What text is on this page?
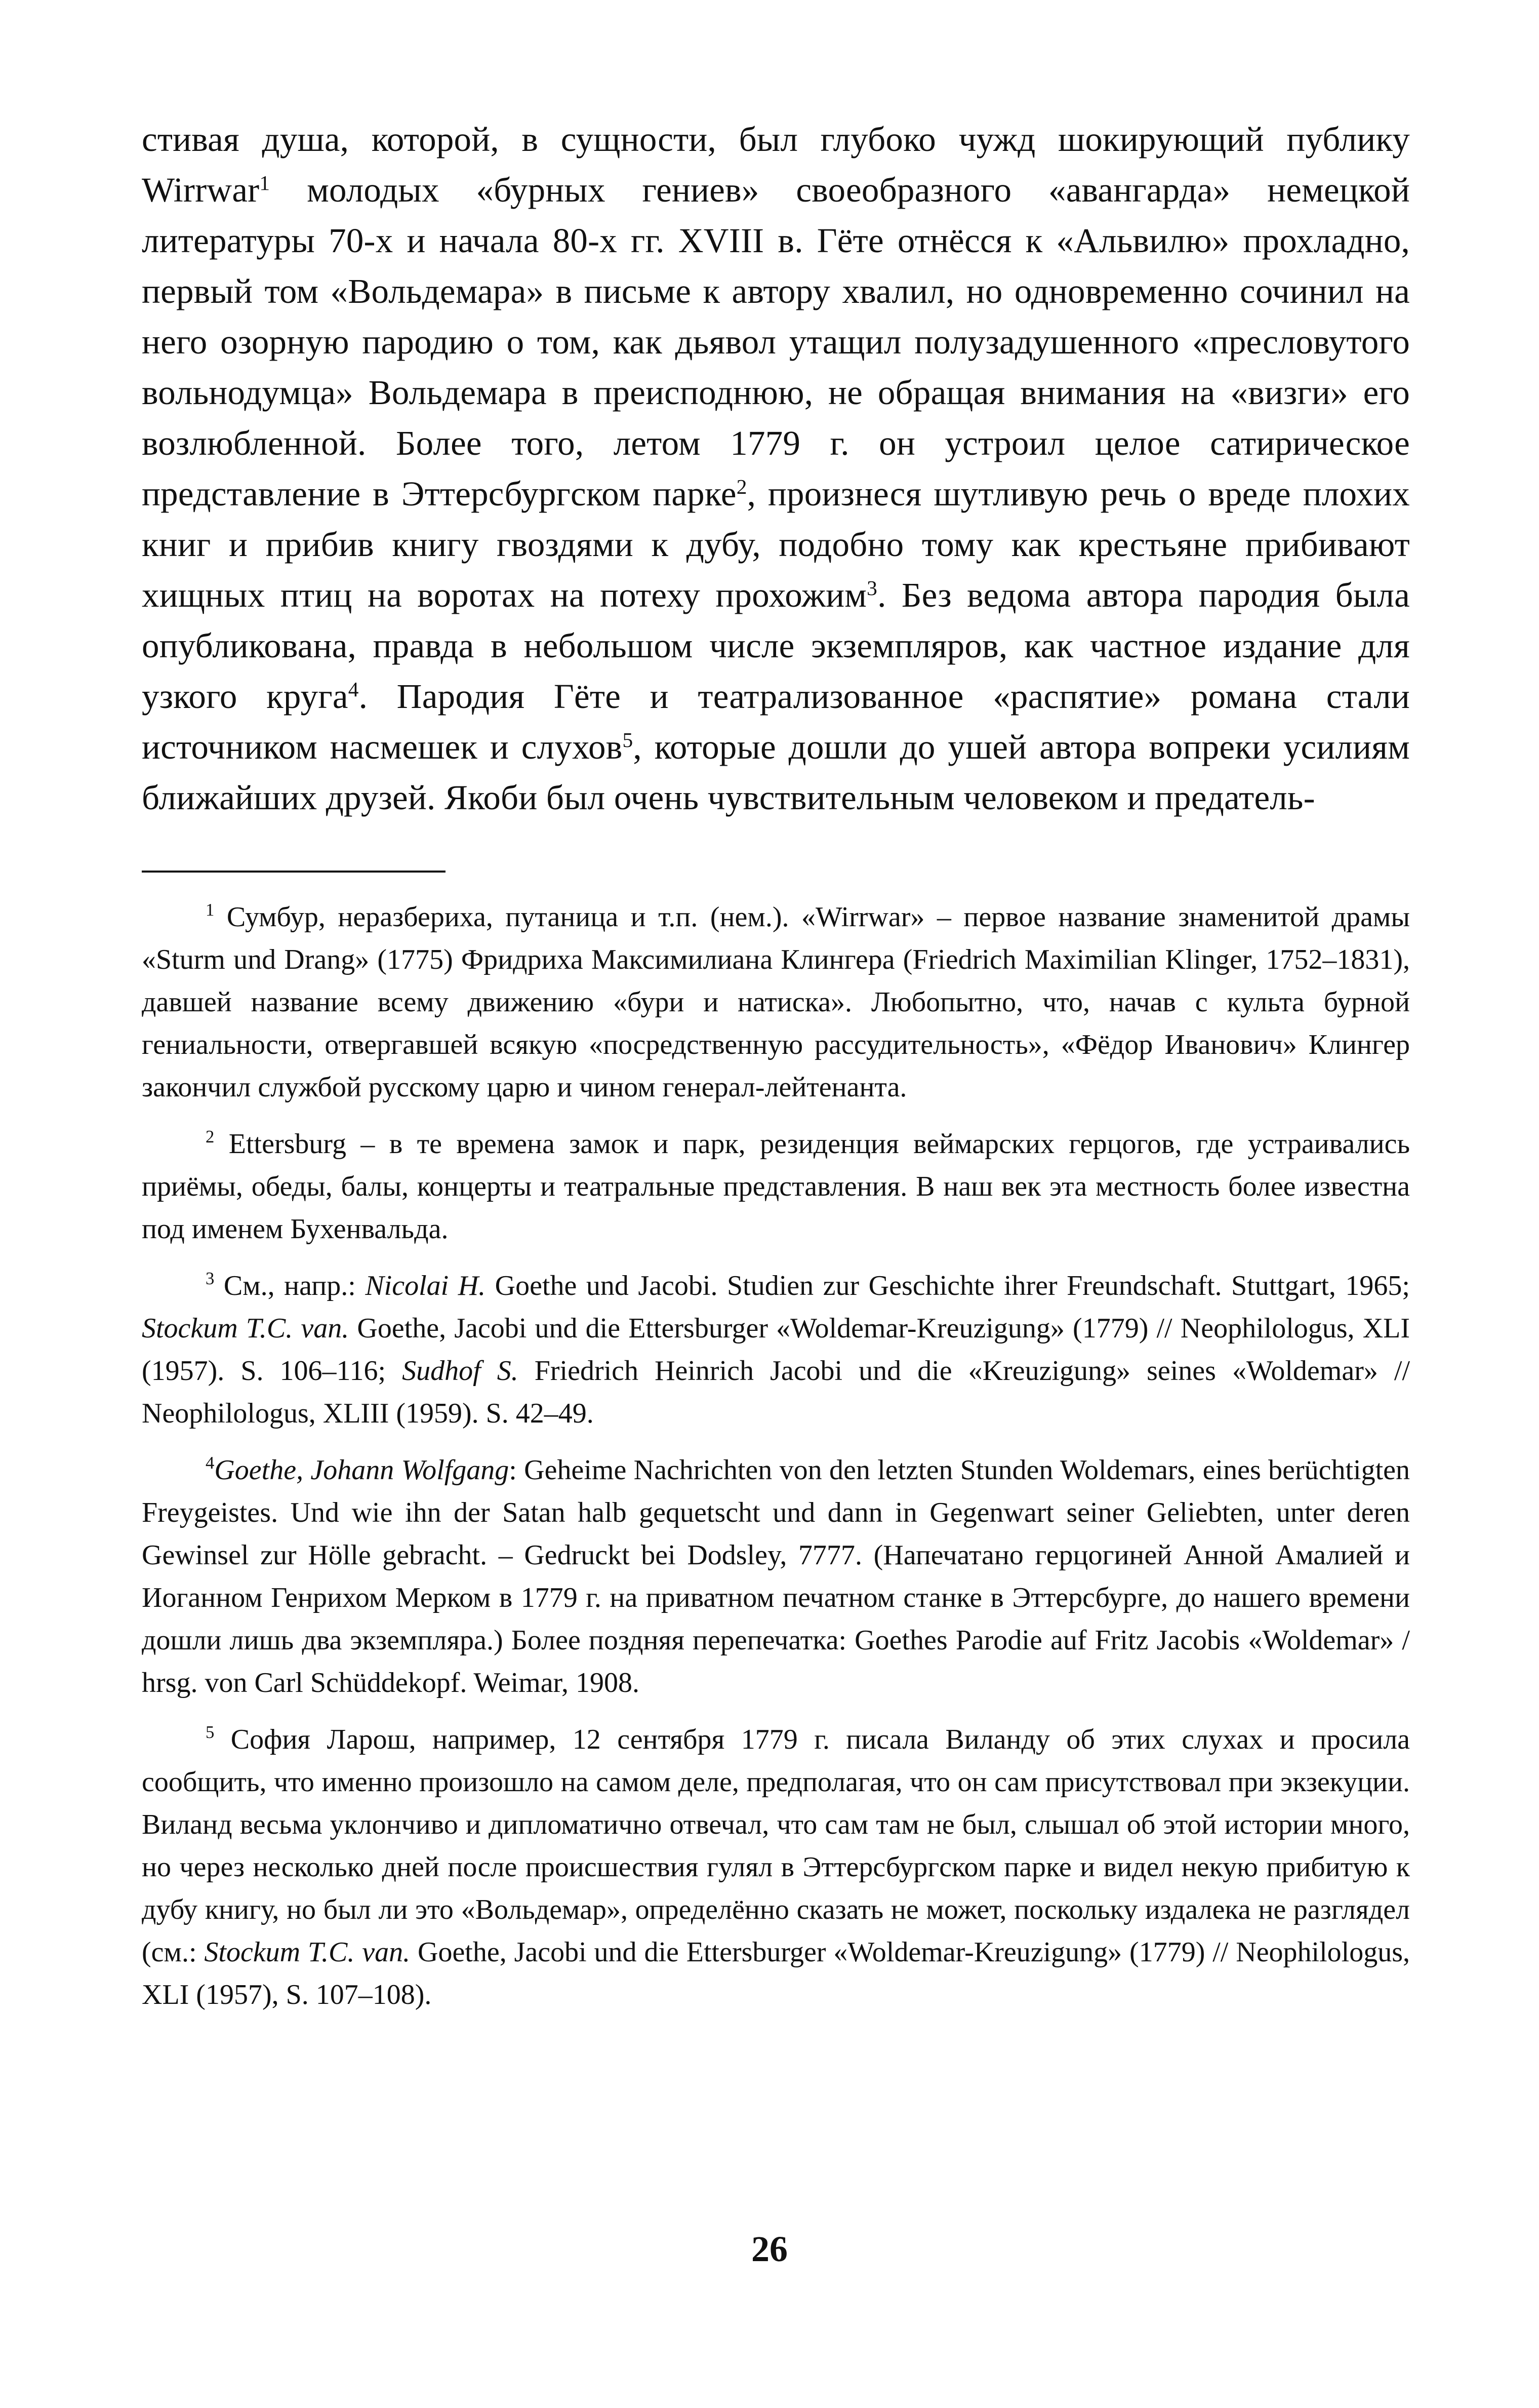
стивая душа, которой, в сущности, был глубоко чужд шокирующий публику Wirrwar$^1$ молодых «бурных гениев» своеобразного «авангарда» немецкой литературы 70-х и начала 80-х гг. XVIII в. Гёте отнёсся к «Альвилю» прохладно, первый том «Вольдемара» в письме к автору хвалил, но одновременно сочинил на него озорную пародию о том, как дьявол утащил полузадушенного «пресловутого вольнодумца» Вольдемара в преисподнюю, не обращая внимания на «визги» его возлюбленной. Более того, летом 1779 г. он устроил целое сатирическое представление в Эттерсбургском парке$^2$, произнеся шутливую речь о вреде плохих книг и прибив книгу гвоздями к дубу, подобно тому как крестьяне прибивают хищных птиц на воротах на потеху прохожим$^3$. Без ведома автора пародия была опубликована, правда в небольшом числе экземпляров, как частное издание для узкого круга$^4$. Пародия Гёте и театрализованное «распятие» романа стали источником насмешек и слухов$^5$, которые дошли до ушей автора вопреки усилиям ближайших друзей. Якоби был очень чувствительным человеком и предатель-

$^1$ Сумбур, неразбериха, путаница и т.п. (нем.). «Wirrwar» – первое название знаменитой драмы «Sturm und Drang» (1775) Фридриха Максимилиана Клингера (Friedrich Maximilian Klinger, 1752–1831), давшей название всему движению «бури и натиска». Любопытно, что, начав с культа бурной гениальности, отвергавшей всякую «посредственную рассудительность», «Фёдор Иванович» Клингер закончил службой русскому царю и чином генерал-лейтенанта.

$^2$ Ettersburg – в те времена замок и парк, резиденция веймарских герцогов, где устраивались приёмы, обеды, балы, концерты и театральные представления. В наш век эта местность более известна под именем Бухенвальда.

$^3$ См., напр.: Nicolai H. Goethe und Jacobi. Studien zur Geschichte ihrer Freundschaft. Stuttgart, 1965; Stockum T.C. van. Goethe, Jacobi und die Ettersburger «Woldemar-Kreuzigung» (1779) // Neophilologus, XLI (1957). S. 106–116; Sudhof S. Friedrich Heinrich Jacobi und die «Kreuzigung» seines «Woldemar» // Neophilologus, XLIII (1959). S. 42–49.

$^4$Goethe, Johann Wolfgang: Geheime Nachrichten von den letzten Stunden Woldemars, eines berüchtigten Freygeistes. Und wie ihn der Satan halb gequetscht und dann in Gegenwart seiner Geliebten, unter deren Gewinsel zur Hölle gebracht. – Gedruckt bei Dodsley, 7777. (Напечатано герцогиней Анной Амалией и Иоганном Генрихом Мерком в 1779 г. на приватном печатном станке в Эттерсбурге, до нашего времени дошли лишь два экземпляра.) Более поздняя перепечатка: Goethes Parodie auf Fritz Jacobis «Woldemar» / hrsg. von Carl Schüddekopf. Weimar, 1908.

$^5$ София Ларош, например, 12 сентября 1779 г. писала Виланду об этих слухах и просила сообщить, что именно произошло на самом деле, предполагая, что он сам присутствовал при экзекуции. Виланд весьма уклончиво и дипломатично отвечал, что сам там не был, слышал об этой истории много, но через несколько дней после происшествия гулял в Эттерсбургском парке и видел некую прибитую к дубу книгу, но был ли это «Вольдемар», определённо сказать не может, поскольку издалека не разглядел (см.: Stockum T.C. van. Goethe, Jacobi und die Ettersburger «Woldemar-Kreuzigung» (1779) // Neophilologus, XLI (1957), S. 107–108).

26
